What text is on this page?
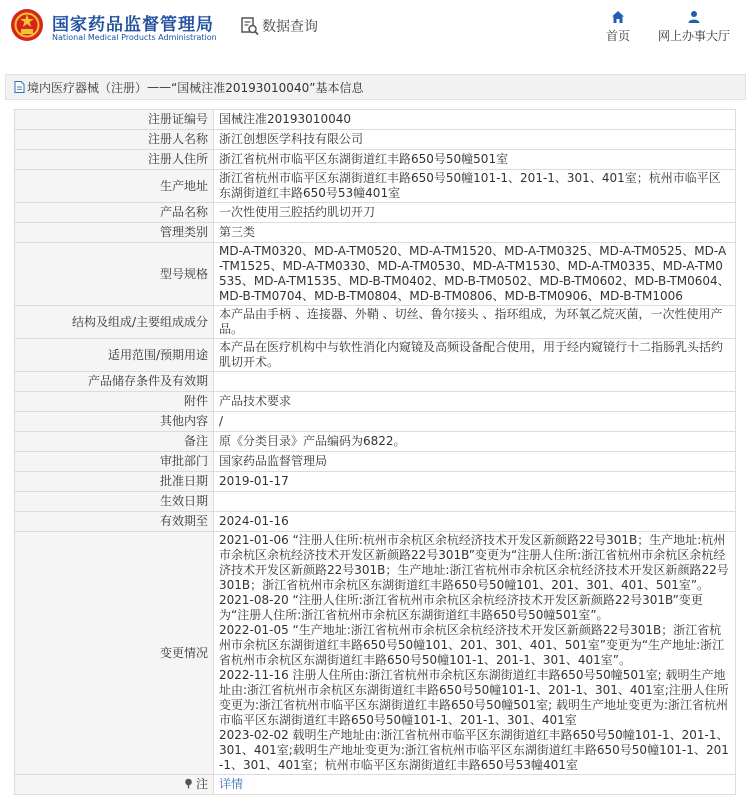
国家药品监督管理局
National Medical Products Administration
数据查询
首页	网上办事大厅
境内医疗器械（注册） —— “国械注准20193010040” 基本信息
注册证编号	国械注准20193010040
注册人名称	浙江创想医学科技有限公司
注册人住所	浙江省杭州市临平区东湖街道红丰路650号50幢501室
生产地址	浙江省杭州市临平区东湖街道红丰路650号50幢101-1、201-1、301、401室；杭州市临平区东湖街道红丰路650号53幢401室
产品名称	一次性使用三腔括约肌切开刀
管理类别	第三类
型号规格	MD-A-TM0320、MD-A-TM0520、MD-A-TM1520、MD-A-TM0325、MD-A-TM0525、MD-A-TM1525、MD-A-TM0330、MD-A-TM0530、MD-A-TM1530、MD-A-TM0335、MD-A-TM0535、MD-A-TM1535、MD-B-TM0402、MD-B-TM0502、MD-B-TM0602、MD-B-TM0604、MD-B-TM0704、MD-B-TM0804、MD-B-TM0806、MD-B-TM0906、MD-B-TM1006
结构及组成/主要组成成分	本产品由手柄 、连接器、外鞘 、切丝、鲁尔接头 、指环组成，为环氧乙烷灭菌，一次性使用产品。
适用范围/预期用途	本产品在医疗机构中与软性消化内窥镜及高频设备配合使用，用于经内窥镜行十二指肠乳头括约肌切开术。
产品储存条件及有效期	
附件	产品技术要求
其他内容	/
备注	原《分类目录》产品编码为6822。
审批部门	国家药品监督管理局
批准日期	2019-01-17
生效日期	
有效期至	2024-01-16
变更情况	2021-01-06 “注册人住所:杭州市余杭区余杭经济技术开发区新颜路22号301B；生产地址:杭州市余杭区余杭经济技术开发区新颜路22号301B”变更为“注册人住所:浙江省杭州市余杭区余杭经济技术开发区新颜路22号301B；生产地址:浙江省杭州市余杭区余杭经济技术开发区新颜路22号301B；浙江省杭州市余杭区东湖街道红丰路650号50幢101、201、301、401、501室”。
2021-08-20 “注册人住所:浙江省杭州市余杭区余杭经济技术开发区新颜路22号301B”变更为“注册人住所:浙江省杭州市余杭区东湖街道红丰路650号50幢501室”。
2022-01-05 “生产地址:浙江省杭州市余杭区余杭经济技术开发区新颜路22号301B；浙江省杭州市余杭区东湖街道红丰路650号50幢101、201、301、401、501室”变更为“生产地址:浙江省杭州市余杭区东湖街道红丰路650号50幢101-1、201-1、301、401室”。
2022-11-16 注册人住所由:浙江省杭州市余杭区东湖街道红丰路650号50幢501室; 载明生产地址由:浙江省杭州市余杭区东湖街道红丰路650号50幢101-1、201-1、301、401室;注册人住所变更为:浙江省杭州市临平区东湖街道红丰路650号50幢501室; 载明生产地址变更为:浙江省杭州市临平区东湖街道红丰路650号50幢101-1、201-1、301、401室
2023-02-02 载明生产地址由:浙江省杭州市临平区东湖街道红丰路650号50幢101-1、201-1、301、401室;载明生产地址变更为:浙江省杭州市临平区东湖街道红丰路650号50幢101-1、201-1、301、401室；杭州市临平区东湖街道红丰路650号53幢401室
注	详情
